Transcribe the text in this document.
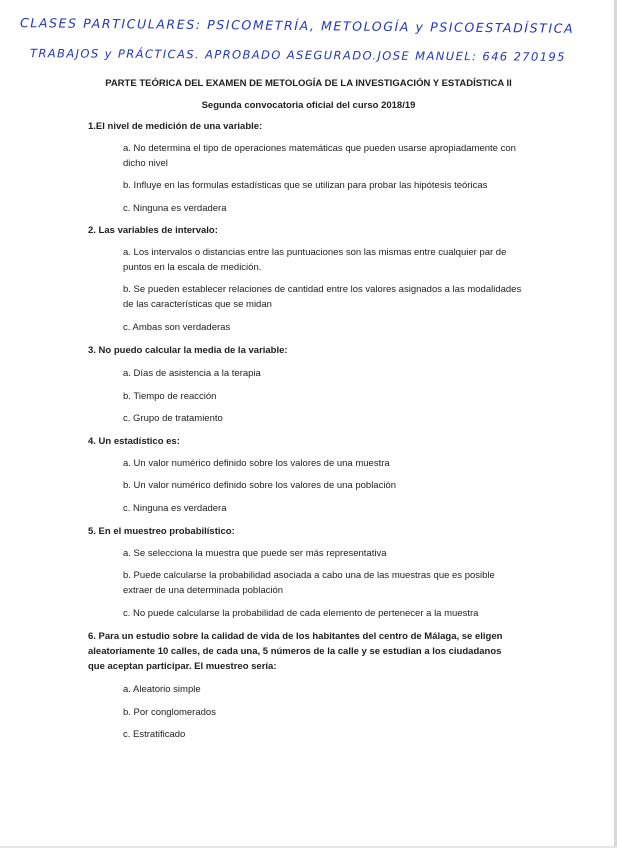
CLASES PARTICULARES: PSICOMETRÍA, METOLOGÍA y PSICOESTADÍSTICA
TRABAJOS y PRÁCTICAS. APROBADO ASEGURADO.JOSE MANUEL: 646 270195
PARTE TEÓRICA DEL EXAMEN DE METOLOGÍA DE LA INVESTIGACIÓN Y ESTADÍSTICA II
Segunda convocatoria oficial del curso 2018/19
1.El nivel de medición de una variable:
a. No determina el tipo de operaciones matemáticas que pueden usarse apropiadamente con dicho nivel
b. Influye en las formulas estadísticas que se utilizan para probar las hipótesis teóricas
c. Ninguna es verdadera
2. Las variables de intervalo:
a. Los intervalos o distancias entre las puntuaciones son las mismas entre cualquier par de puntos en la escala de medición.
b. Se pueden establecer relaciones de cantidad entre los valores asignados a las modalidades de las características que se midan
c. Ambas son verdaderas
3. No puedo calcular la media de la variable:
a. Días de asistencia a la terapia
b. Tiempo de reacción
c. Grupo de tratamiento
4. Un estadístico es:
a. Un valor numérico definido sobre los valores de una muestra
b. Un valor numérico definido sobre los valores de una población
c. Ninguna es verdadera
5. En el muestreo probabilístico:
a. Se selecciona la muestra que puede ser más representativa
b. Puede calcularse la probabilidad asociada a cabo una de las muestras que es posible extraer de una determinada población
c. No puede calcularse la probabilidad de cada elemento de pertenecer a la muestra
6. Para un estudio sobre la calidad de vida de los habitantes del centro de Málaga, se eligen aleatoriamente 10 calles, de cada una, 5 números de la calle y se estudian a los ciudadanos que aceptan participar. El muestreo sería:
a. Aleatorio simple
b. Por conglomerados
c. Estratificado
